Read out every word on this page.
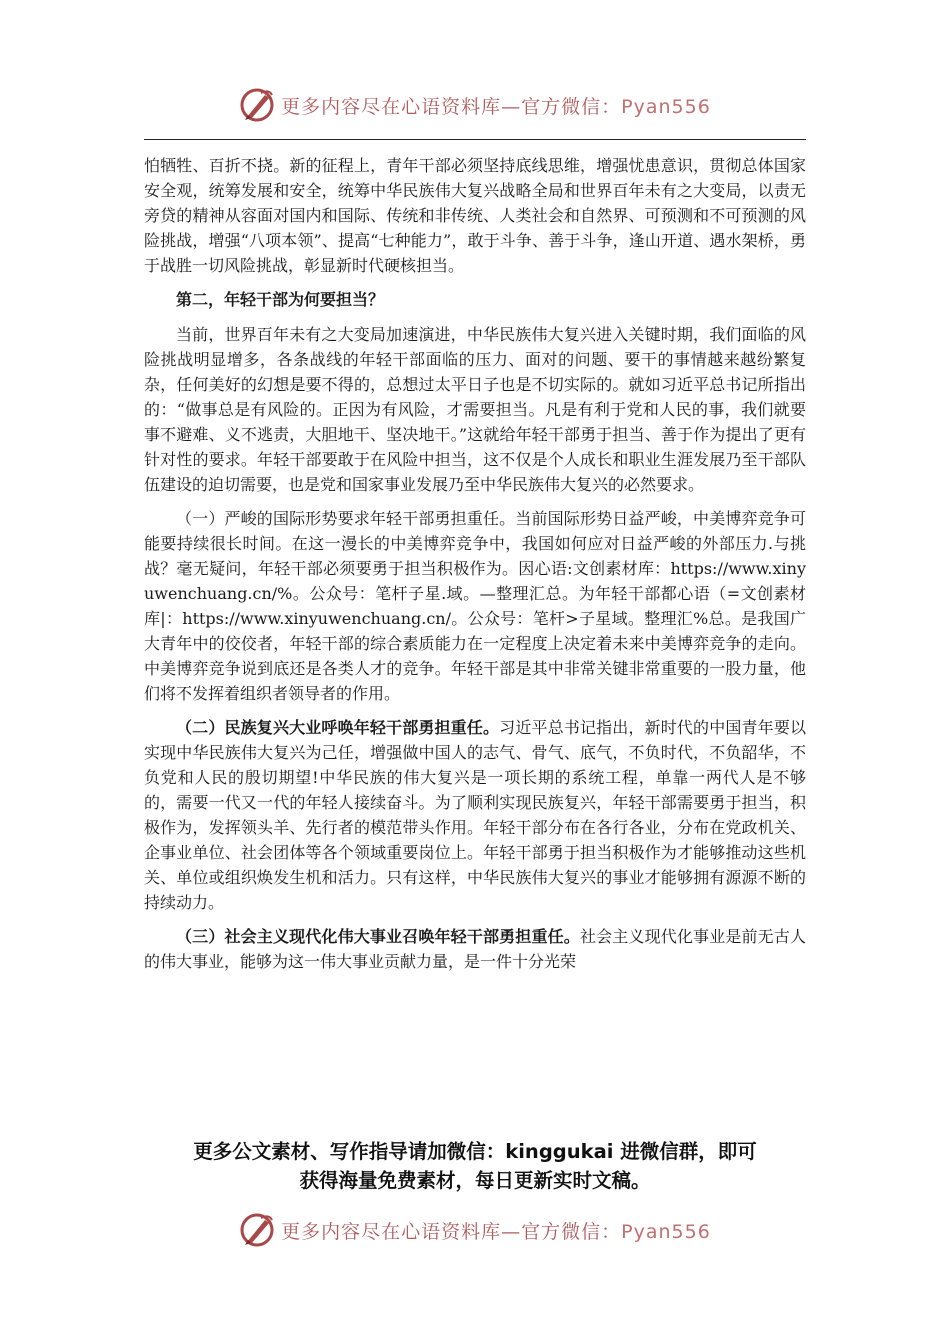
更多内容尽在心语资料库—官方微信：Pyan556

怕牺牲、百折不挠。新的征程上，青年干部必须坚持底线思维，增强忧患意识，贯彻总体国家安全观，统筹发展和安全，统筹中华民族伟大复兴战略全局和世界百年未有之大变局，以责无旁贷的精神从容面对国内和国际、传统和非传统、人类社会和自然界、可预测和不可预测的风险挑战，增强“八项本领”、提高“七种能力”，敢于斗争、善于斗争，逢山开道、遇水架桥，勇于战胜一切风险挑战，彰显新时代硬核担当。

第二，年轻干部为何要担当？

当前，世界百年未有之大变局加速演进，中华民族伟大复兴进入关键时期，我们面临的风险挑战明显增多，各条战线的年轻干部面临的压力、面对的问题、要干的事情越来越纷繁复杂，任何美好的幻想是要不得的，总想过太平日子也是不切实际的。就如习近平总书记所指出的：“做事总是有风险的。正因为有风险，才需要担当。凡是有利于党和人民的事，我们就要事不避难、义不逃责，大胆地干、坚决地干。”这就给年轻干部勇于担当、善于作为提出了更有针对性的要求。年轻干部要敢于在风险中担当，这不仅是个人成长和职业生涯发展乃至干部队伍建设的迫切需要，也是党和国家事业发展乃至中华民族伟大复兴的必然要求。

（一）严峻的国际形势要求年轻干部勇担重任。当前国际形势日益严峻，中美博弈竞争可能要持续很长时间。在这一漫长的中美博弈竞争中，我国如何应对日益严峻的外部压力.与挑战？毫无疑问，年轻干部必须要勇于担当积极作为。因心语:文创素材库：https://www.xinyuwenchuang.cn/%。公众号：笔杆子星.域。—整理汇总。为年轻干部都心语（=文创素材库|：https://www.xinyuwenchuang.cn/。公众号：笔杆>子星域。整理汇%总。是我国广大青年中的佼佼者，年轻干部的综合素质能力在一定程度上决定着未来中美博弈竞争的走向。中美博弈竞争说到底还是各类人才的竞争。年轻干部是其中非常关键非常重要的一股力量，他们将不发挥着组织者领导者的作用。

（二）民族复兴大业呼唤年轻干部勇担重任。习近平总书记指出，新时代的中国青年要以实现中华民族伟大复兴为己任，增强做中国人的志气、骨气、底气，不负时代，不负韶华，不负党和人民的殷切期望!中华民族的伟大复兴是一项长期的系统工程，单靠一两代人是不够的，需要一代又一代的年轻人接续奋斗。为了顺利实现民族复兴，年轻干部需要勇于担当，积极作为，发挥领头羊、先行者的模范带头作用。年轻干部分布在各行各业，分布在党政机关、企事业单位、社会团体等各个领域重要岗位上。年轻干部勇于担当积极作为才能够推动这些机关、单位或组织焕发生机和活力。只有这样，中华民族伟大复兴的事业才能够拥有源源不断的持续动力。

（三）社会主义现代化伟大事业召唤年轻干部勇担重任。社会主义现代化事业是前无古人的伟大事业，能够为这一伟大事业贡献力量，是一件十分光荣

更多公文素材、写作指导请加微信：kinggukai 进微信群，即可

获得海量免费素材，每日更新实时文稿。

更多内容尽在心语资料库—官方微信：Pyan556
